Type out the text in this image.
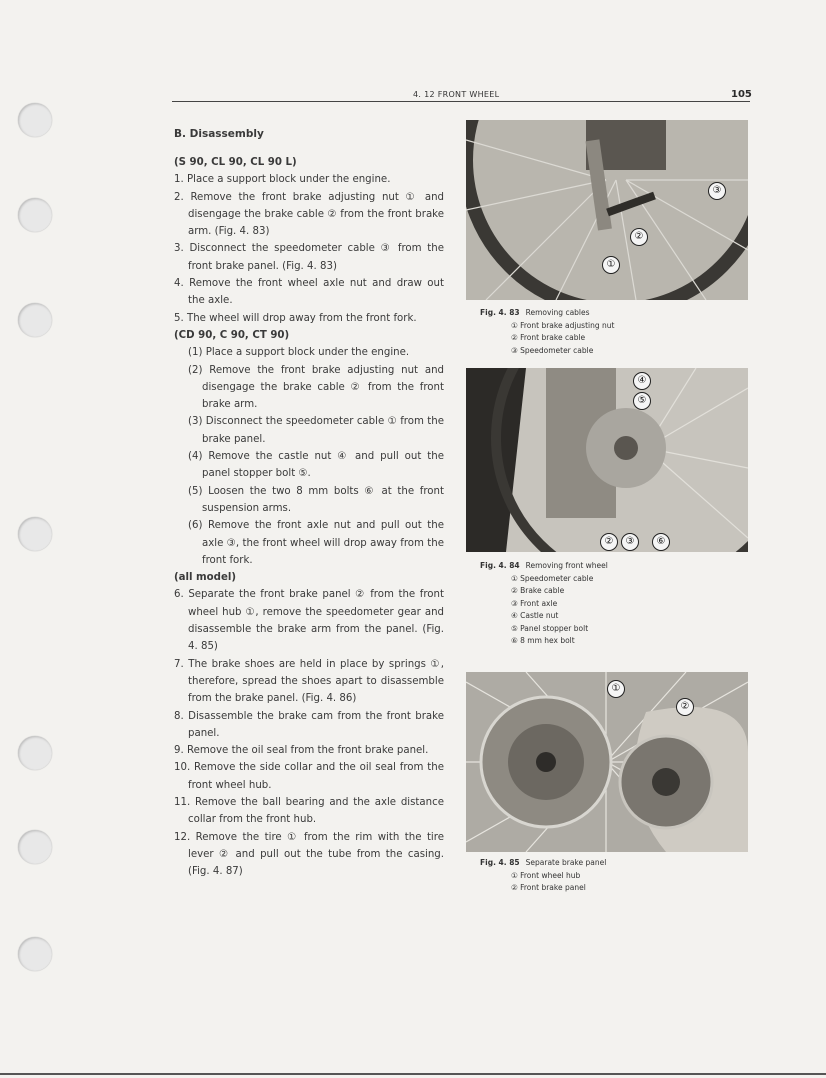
4. 12 FRONT WHEEL	105

B. Disassembly

(S 90, CL 90, CL 90 L)

1. Place a support block under the engine.

2. Remove the front brake adjusting nut ① and disengage the brake cable ② from the front brake arm. (Fig. 4. 83)

3. Disconnect the speedometer cable ③ from the front brake panel. (Fig. 4. 83)

4. Remove the front wheel axle nut and draw out the axle.

5. The wheel will drop away from the front fork.

(CD 90, C 90, CT 90)

(1) Place a support block under the engine.

(2) Remove the front brake adjusting nut and disengage the brake cable ② from the front brake arm.

(3) Disconnect the speedometer cable ① from the brake panel.

(4) Remove the castle nut ④ and pull out the panel stopper bolt ⑤.

(5) Loosen the two 8 mm bolts ⑥ at the front suspension arms.

(6) Remove the front axle nut and pull out the axle ③, the front wheel will drop away from the front fork.

(all model)

6. Separate the front brake panel ② from the front wheel hub ①, remove the speedometer gear and disassemble the brake arm from the panel. (Fig. 4. 85)

7. The brake shoes are held in place by springs ①, therefore, spread the shoes apart to disassemble from the brake panel. (Fig. 4. 86)

8. Disassemble the brake cam from the front brake panel.

9. Remove the oil seal from the front brake panel.

10. Remove the side collar and the oil seal from the front wheel hub.

11. Remove the ball bearing and the axle distance collar from the front hub.

12. Remove the tire ① from the rim with the tire lever ② and pull out the tube from the casing. (Fig. 4. 87)

③
②
①
Fig. 4. 83 Removing cables
① Front brake adjusting nut
② Front brake cable
③ Speedometer cable
④
⑤
②	③	⑥
Fig. 4. 84 Removing front wheel
① Speedometer cable
② Brake cable
③ Front axle
④ Castle nut
⑤ Panel stopper bolt
⑥ 8 mm hex bolt
①
②
Fig. 4. 85 Separate brake panel
① Front wheel hub
② Front brake panel
